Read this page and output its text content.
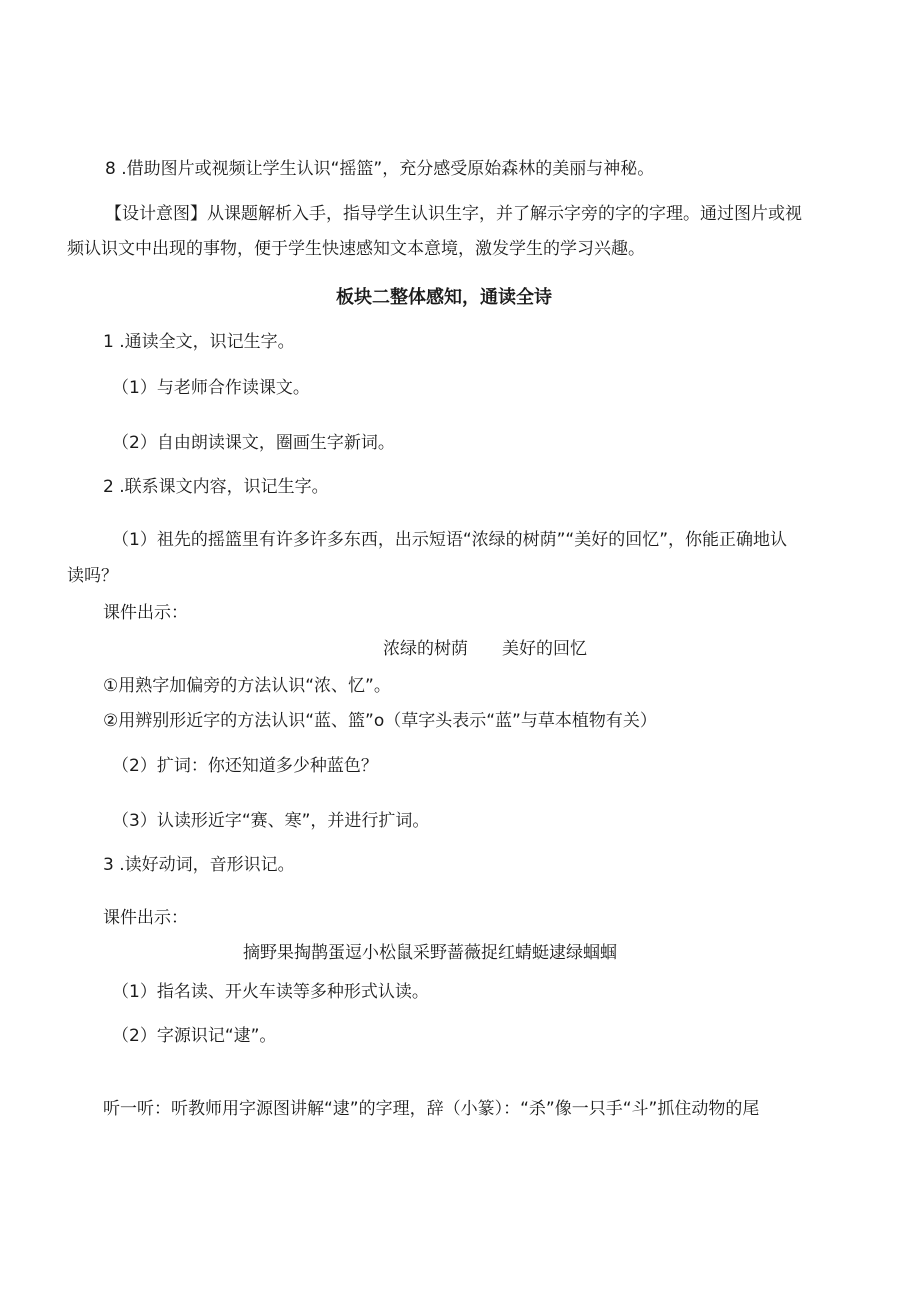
8 .借助图片或视频让学生认识“摇篮”，充分感受原始森林的美丽与神秘。
【设计意图】从课题解析入手，指导学生认识生字，并了解示字旁的字的字理。通过图片或视
频认识文中出现的事物，便于学生快速感知文本意境，激发学生的学习兴趣。
板块二整体感知，通读全诗
1 .通读全文，识记生字。
（1）与老师合作读课文。
（2）自由朗读课文，圈画生字新词。
2 .联系课文内容，识记生字。
（1）祖先的摇篮里有许多许多东西，出示短语“浓绿的树荫”“美好的回忆”，你能正确地认
读吗？
课件出示：
浓绿的树荫　　美好的回忆
①用熟字加偏旁的方法认识“浓、忆”。
②用辨别形近字的方法认识“蓝、篮”o（草字头表示“蓝”与草本植物有关）
（2）扩词：你还知道多少种蓝色？
（3）认读形近字“赛、寒”，并进行扩词。
3 .读好动词，音形识记。
课件出示：
摘野果掏鹊蛋逗小松鼠采野蔷薇捉红蜻蜓逮绿蝈蝈
（1）指名读、开火车读等多种形式认读。
（2）字源识记“逮”。
听一听：听教师用字源图讲解“逮”的字理，辞（小篆）：“杀”像一只手“斗”抓住动物的尾
